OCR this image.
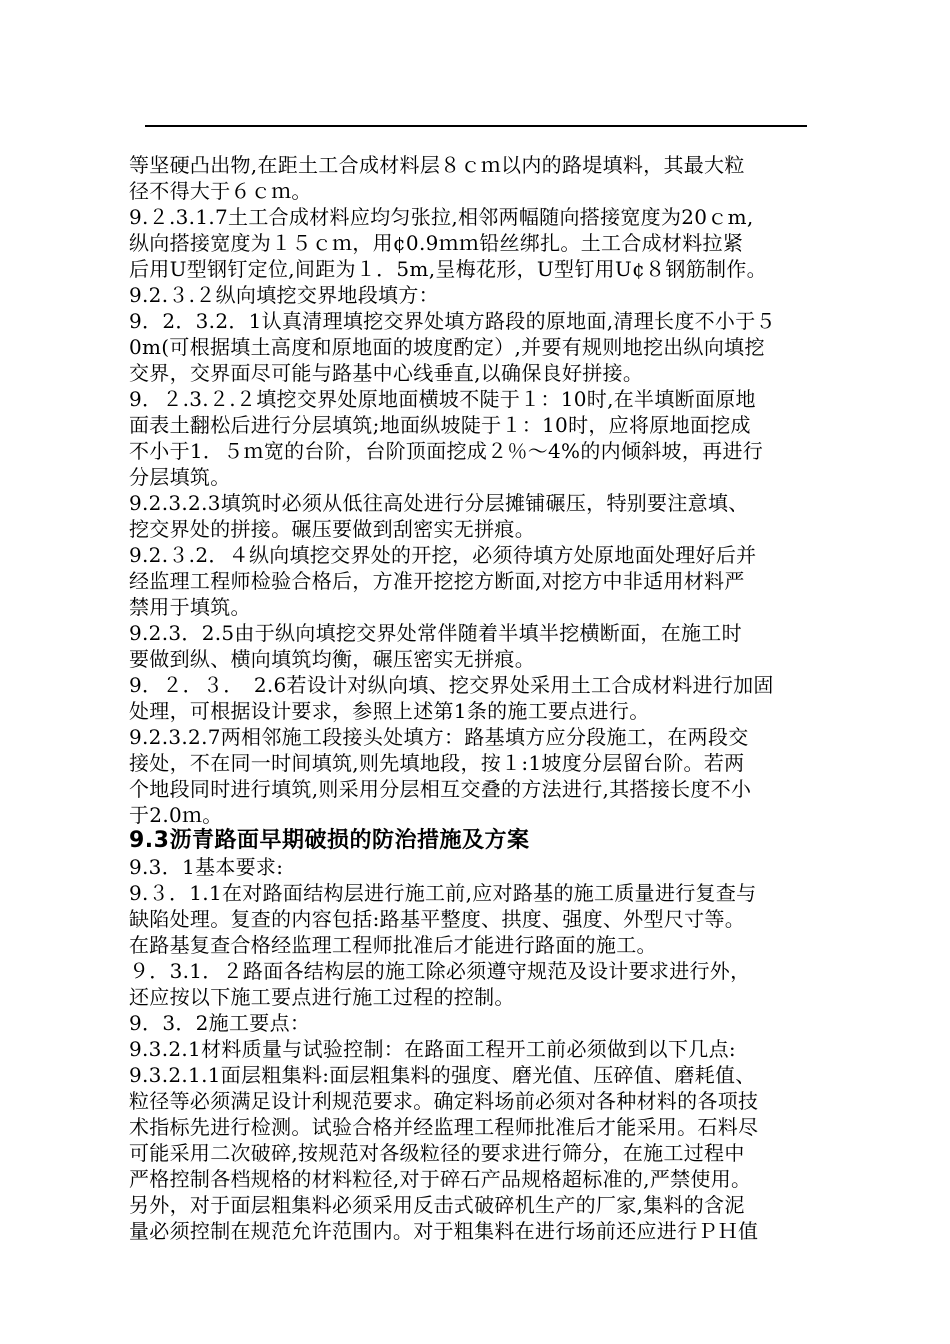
等坚硬凸出物,在距土工合成材料层８ｃｍ以内的路堤填料，其最大粒
径不得大于６ｃｍ。
9.２.3.1.7土工合成材料应均匀张拉,相邻两幅随向搭接宽度为20ｃm,
纵向搭接宽度为１５ｃｍ，用¢0.9ｍｍ铅丝绑扎。土工合成材料拉紧
后用U型钢钉定位,间距为１．5m,呈梅花形，U型钉用U¢８钢筋制作。
9.2.３.２纵向填挖交界地段填方：
9．2．3.2．1认真清理填挖交界处填方路段的原地面,清理长度不小于５
0m(可根据填土高度和原地面的坡度酌定）,并要有规则地挖出纵向填挖
交界，交界面尽可能与路基中心线垂直,以确保良好拼接。
9．２.3.２.２填挖交界处原地面横坡不陡于１：10时,在半填断面原地
面表土翻松后进行分层填筑;地面纵坡陡于１：10时，应将原地面挖成
不小于1．５ｍ宽的台阶，台阶顶面挖成２％～4%的内倾斜坡，再进行
分层填筑。
9.2.3.2.3填筑时必须从低往高处进行分层摊铺碾压，特别要注意填、
挖交界处的拼接。碾压要做到刮密实无拼痕。
9.2.３.2．４纵向填挖交界处的开挖，必须待填方处原地面处理好后并
经监理工程师检验合格后，方准开挖挖方断面,对挖方中非适用材料严
禁用于填筑。
9.2.3．2.5由于纵向填挖交界处常伴随着半填半挖横断面，在施工时
要做到纵、横向填筑均衡，碾压密实无拼痕。
9．２．３．　2.6若设计对纵向填、挖交界处采用土工合成材料进行加固
处理，可根据设计要求，参照上述第1条的施工要点进行。
9.2.3.2.7两相邻施工段接头处填方：路基填方应分段施工，在两段交
接处，不在同一时间填筑,则先填地段，按１:1坡度分层留台阶。若两
个地段同时进行填筑,则采用分层相互交叠的方法进行,其搭接长度不小
于2.0ｍ。
9.3沥青路面早期破损的防治措施及方案
9.3．1基本要求:
9.３．1.1在对路面结构层进行施工前,应对路基的施工质量进行复查与
缺陷处理。复查的内容包括:路基平整度、拱度、强度、外型尺寸等。
在路基复查合格经监理工程师批准后才能进行路面的施工。
９．3.1．２路面各结构层的施工除必须遵守规范及设计要求进行外，
还应按以下施工要点进行施工过程的控制。
9．3．2施工要点：
9.3.2.1材料质量与试验控制：在路面工程开工前必须做到以下几点:
9.3.2.1.1面层粗集料:面层粗集料的强度、磨光值、压碎值、磨耗值、
粒径等必须满足设计利规范要求。确定料场前必须对各种材料的各项技
术指标先进行检测。试验合格并经监理工程师批准后才能采用。石料尽
可能采用二次破碎,按规范对各级粒径的要求进行筛分，在施工过程中
严格控制各档规格的材料粒径,对于碎石产品规格超标准的,严禁使用。
另外，对于面层粗集料必须采用反击式破碎机生产的厂家,集料的含泥
量必须控制在规范允许范围内。对于粗集料在进行场前还应进行ＰＨ值
